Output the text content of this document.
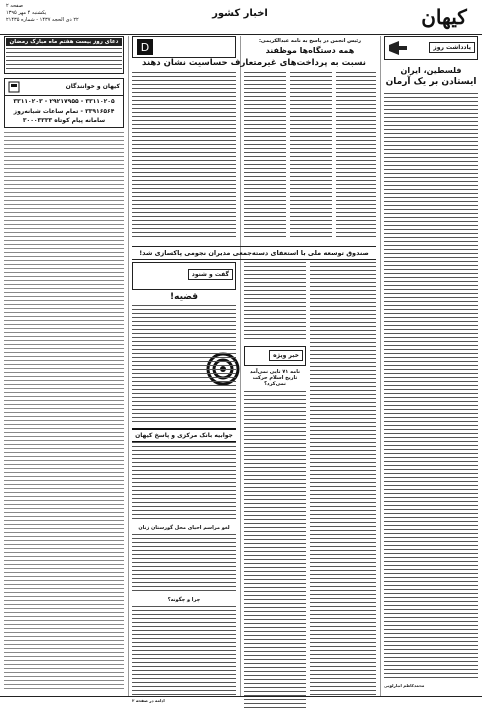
کیهان
اخبار کشور
صفحه ۲
یکشنبه ۴ مهر ۱۳۹۵
۲۲ ذی الحجه ۱۴۳۷ - شماره ۲۱۴۳۵
یادداشت روز
فلسطین، ایران
ایستادن بر یک آرمان
محمدکاظم انبارلویی
رئیس انجمن در پاسخ به نامه عبدالکریمی:
همه دستگاه‌ها موظفند
نسبت به پرداخت‌های غیرمتعارف حساسیت نشان دهند
صندوق توسعه ملی با استعفای دسته‌جمعی مدیران نجومی پاکسازی شد!
خبر ویژه
نامه ۷۱ تایی نمی‌آمد تاریخ اسلام حرکت نمی‌کرد؟
گفت و شنود
قضیه!
D
جوابیه بانک مرکزی و پاسخ کیهان
لغو مراسم احیای محل گورستان زنان
چرا و چگونه؟
ادامه در صفحه ۲
دعای روز بیست هفتم ماه مبارک رمضان
کیهان و خوانندگان
۳۳۱۱۰۲۰۵ - ۲۹۲۱۷۹۵۵ - ۳۳۱۱۰۲۰۳
۳۳۹۱۶۵۶۴ - تمام ساعات شبانه‌روز
سامانه پیام کوتاه ۳۰۰۰۳۳۳۳
